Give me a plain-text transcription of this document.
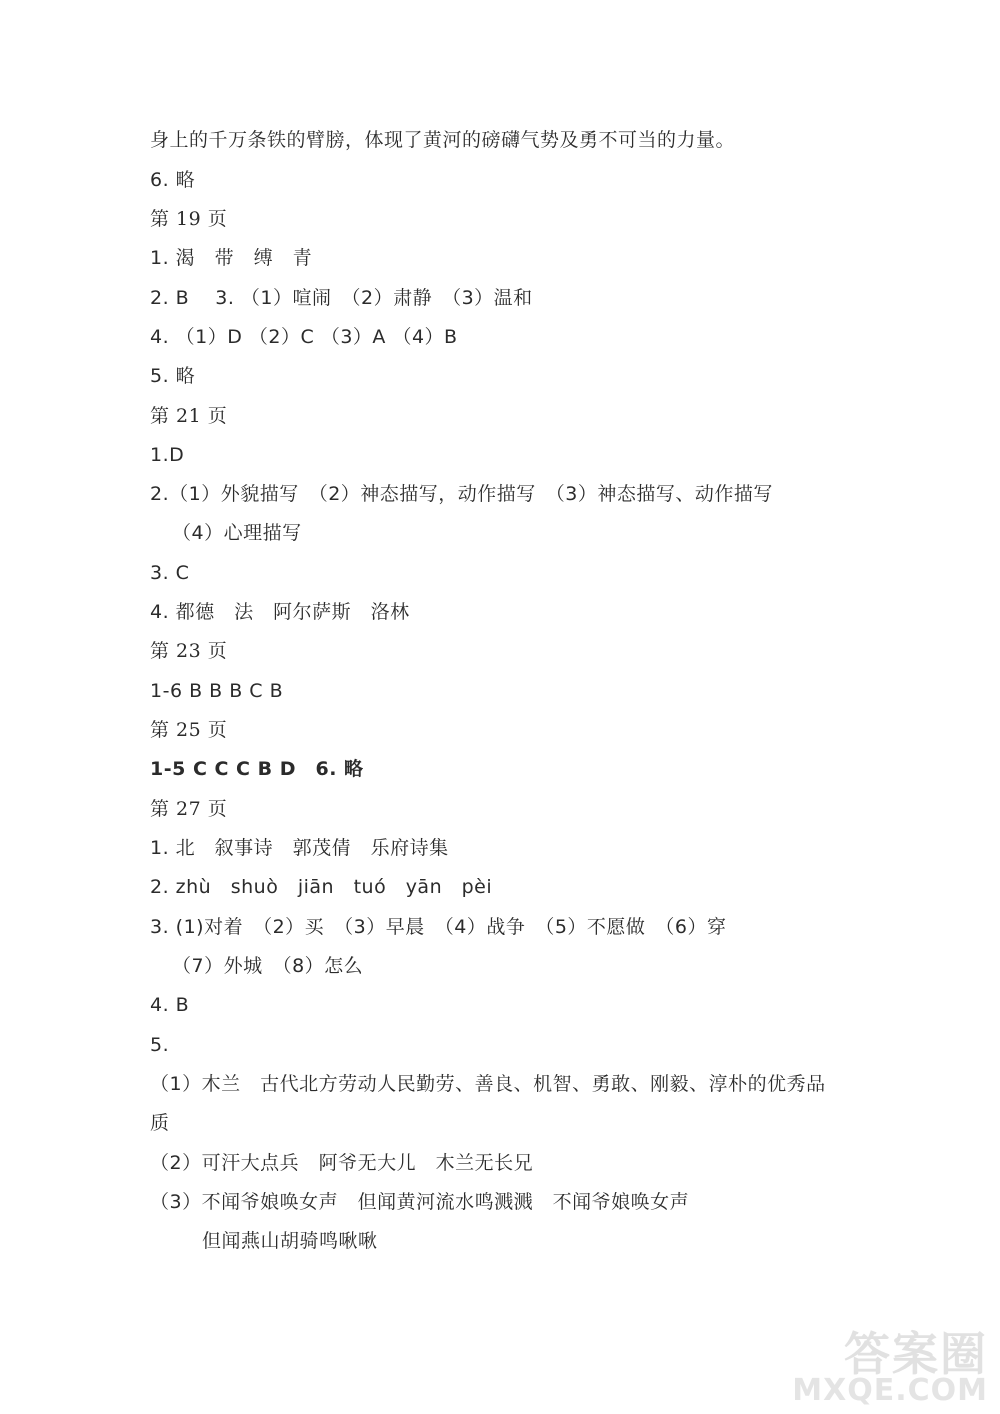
身上的千万条铁的臂膀，体现了黄河的磅礴气势及勇不可当的力量。
6. 略
第 19 页
1. 渴　带　缚　青
2. B　 3. （1）喧闹　（2）肃静　（3）温和
4. （1）D （2）C （3）A （4）B
5. 略
第 21 页
1.D
2.（1）外貌描写　（2）神态描写，动作描写　（3）神态描写、动作描写
（4）心理描写
3. C
4. 都德　法　阿尔萨斯　洛林
第 23 页
1-6 B B B C B
第 25 页
1-5 C C C B D　6. 略
第 27 页
1. 北　叙事诗　郭茂倩　乐府诗集
2. zhù　shuò　jiān　tuó　yān　pèi
3. (1)对着　（2）买　（3）早晨　（4）战争　（5）不愿做　（6）穿
（7）外城　（8）怎么
4. B
5.
（1）木兰　古代北方劳动人民勤劳、善良、机智、勇敢、刚毅、淳朴的优秀品
质
（2）可汗大点兵　阿爷无大儿　木兰无长兄
（3）不闻爷娘唤女声　但闻黄河流水鸣溅溅　不闻爷娘唤女声
但闻燕山胡骑鸣啾啾
答案圈
MXQE.COM
